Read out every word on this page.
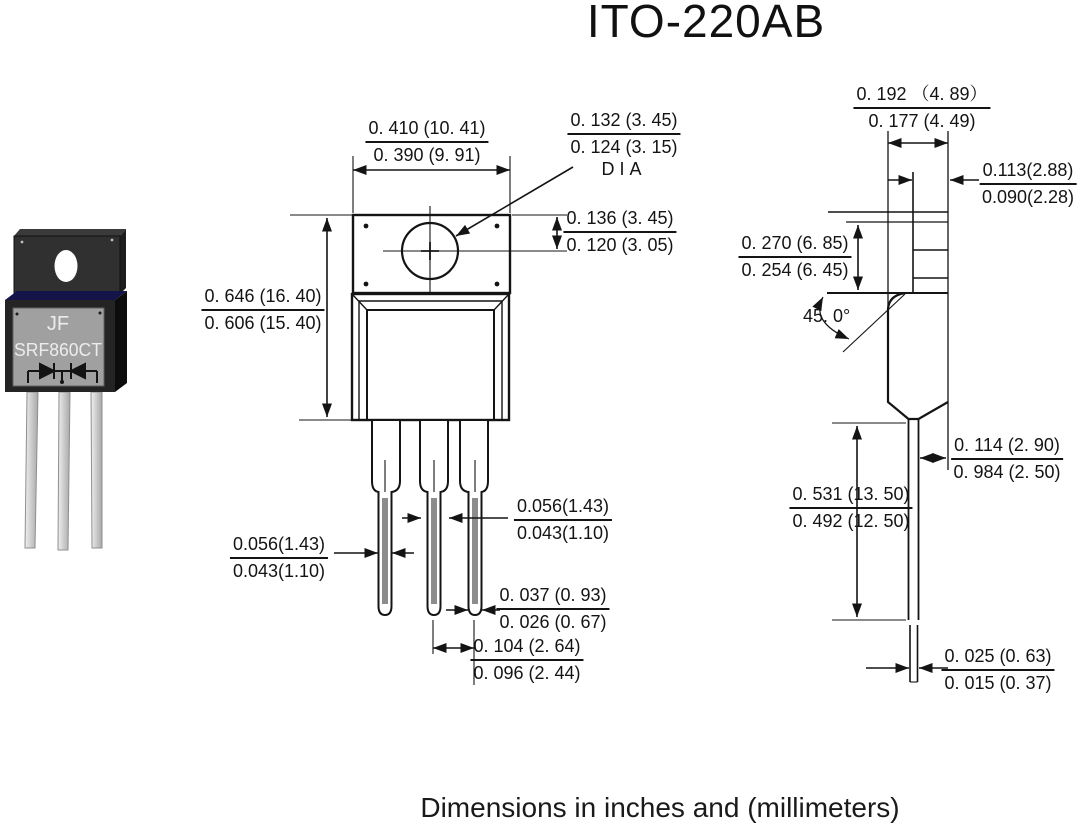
JF
SRF860CT
ITO-220AB
$\frac{0. 410 (10. 41)}{0. 390 (9. 91)}$	0. 132 (3. 45)
0. 124 (3. 15)
DIA
$\frac{0. 136 (3. 45)}{0. 120 (3. 05)}$
$\frac{0. 646 (16. 40)}{0. 606 (15. 40)}$
$\frac{0.056(1.43)}{0.043(1.10)}$
$\frac{0.056(1.43)}{0.043(1.10)}$
$\frac{0. 037 (0. 93)}{0. 026 (0. 67)}$
$\frac{0. 104 (2. 64)}{0. 096 (2. 44)}$
$\frac{0. 192 (4. 89)}{0. 177 (4. 49)}$
$\frac{0.113(2.88)}{0.090(2.28)}$
$\frac{0. 270 (6. 85)}{0. 254 (6. 45)}$
45. 0°
$\frac{0. 114 (2. 90)}{0. 984 (2. 50)}$
$\frac{0. 531 (13. 50)}{0. 492 (12. 50)}$
$\frac{0. 025 (0. 63)}{0. 015 (0. 37)}$
Dimensions in inches and (millimeters)
